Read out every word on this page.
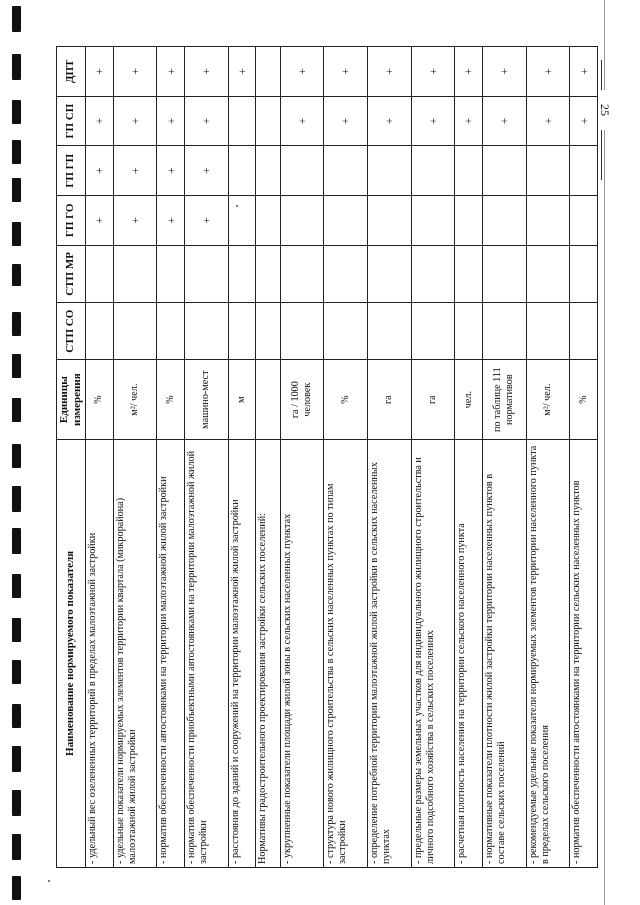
25
Наименование нормируемого показателя	Единицы измерения	СТП СО	СТП МР	ГП ГО	ГП ГП	ГП СП	ДПТ
- удельный вес озелененных территорий в пределах малоэтажной застройки	%			+	+	+	+
- удельные показатели нормируемых элементов территории квартала (микрорайона) малоэтажной жилой застройки	м²/ чел.			+	+	+	+
- норматив обеспеченности автостоянками на территории малоэтажной жилой застройки	%			+	+	+	+
- норматив обеспеченности приобъектными автостоянками на территории малоэтажной жилой застройки	машино-мест			+	+	+	+
- расстояния до зданий и сооружений на территории малоэтажной жилой застройки	м						+
Нормативы градостроительного проектирования застройки сельских поселений:							
- укрупненные показатели площади жилой зоны в сельских населенных пунктах	га / 1000 человек					+	+
- структура нового жилищного строительства в сельских населенных пунктах по типам застройки	%					+	+
- определение потребной территории малоэтажной жилой застройки в сельских населенных пунктах	га					+	+
- предельные размеры земельных участков для индивидуального жилищного строительства и личного подсобного хозяйства в сельских поселениях	га					+	+
- расчетная плотность населения на территории сельского населенного пункта	чел.					+	+
- нормативные показатели плотности жилой застройки территории населенных пунктов в составе сельских поселений	по таблице 111 нормативов					+	+
- рекомендуемые удельные показатели нормируемых элементов территории населенного пункта в пределах сельского поселения	м²/ чел.					+	+
- норматив обеспеченности автостоянками на территории сельских населенных пунктов	%					+	+
